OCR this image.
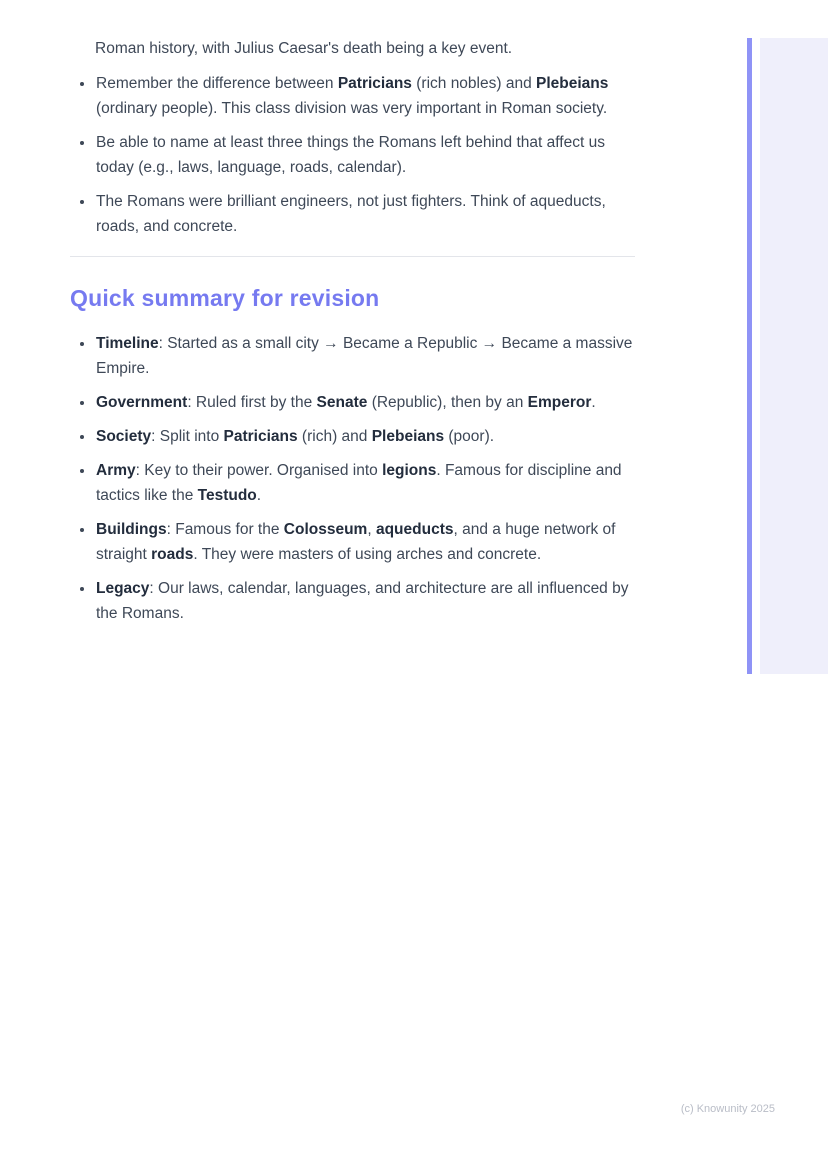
Roman history, with Julius Caesar's death being a key event.

• Remember the difference between Patricians (rich nobles) and Plebeians (ordinary people). This class division was very important in Roman society.
• Be able to name at least three things the Romans left behind that affect us today (e.g., laws, language, roads, calendar).
• The Romans were brilliant engineers, not just fighters. Think of aqueducts, roads, and concrete.
Quick summary for revision
• Timeline: Started as a small city → Became a Republic → Became a massive Empire.
• Government: Ruled first by the Senate (Republic), then by an Emperor.
• Society: Split into Patricians (rich) and Plebeians (poor).
• Army: Key to their power. Organised into legions. Famous for discipline and tactics like the Testudo.
• Buildings: Famous for the Colosseum, aqueducts, and a huge network of straight roads. They were masters of using arches and concrete.
• Legacy: Our laws, calendar, languages, and architecture are all influenced by the Romans.
(c) Knowunity 2025
